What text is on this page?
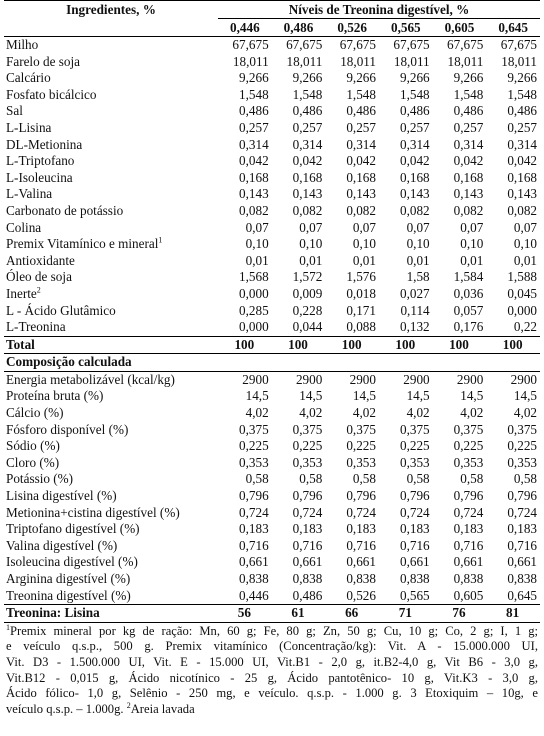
Ingredientes, %	Níveis de Treonina digestível, %					
	0,446	0,486	0,526	0,565	0,605	0,645
Milho	67,675	67,675	67,675	67,675	67,675	67,675
Farelo de soja	18,011	18,011	18,011	18,011	18,011	18,011
Calcário	9,266	9,266	9,266	9,266	9,266	9,266
Fosfato bicálcico	1,548	1,548	1,548	1,548	1,548	1,548
Sal	0,486	0,486	0,486	0,486	0,486	0,486
L-Lisina	0,257	0,257	0,257	0,257	0,257	0,257
DL-Metionina	0,314	0,314	0,314	0,314	0,314	0,314
L-Triptofano	0,042	0,042	0,042	0,042	0,042	0,042
L-Isoleucina	0,168	0,168	0,168	0,168	0,168	0,168
L-Valina	0,143	0,143	0,143	0,143	0,143	0,143
Carbonato de potássio	0,082	0,082	0,082	0,082	0,082	0,082
Colina	0,07	0,07	0,07	0,07	0,07	0,07
Premix Vitamínico e mineral$^1$	0,10	0,10	0,10	0,10	0,10	0,10
Antioxidante	0,01	0,01	0,01	0,01	0,01	0,01
Óleo de soja	1,568	1,572	1,576	1,58	1,584	1,588
Inerte$^2$	0,000	0,009	0,018	0,027	0,036	0,045
L - Ácido Glutâmico	0,285	0,228	0,171	0,114	0,057	0,000
L-Treonina	0,000	0,044	0,088	0,132	0,176	0,22
Total	100	100	100	100	100	100
Composição calculada						
Energia metabolizável (kcal/kg)	2900	2900	2900	2900	2900	2900
Proteína bruta (%)	14,5	14,5	14,5	14,5	14,5	14,5
Cálcio (%)	4,02	4,02	4,02	4,02	4,02	4,02
Fósforo disponível (%)	0,375	0,375	0,375	0,375	0,375	0,375
Sódio (%)	0,225	0,225	0,225	0,225	0,225	0,225
Cloro (%)	0,353	0,353	0,353	0,353	0,353	0,353
Potássio (%)	0,58	0,58	0,58	0,58	0,58	0,58
Lisina digestível (%)	0,796	0,796	0,796	0,796	0,796	0,796
Metionina+cistina digestível (%)	0,724	0,724	0,724	0,724	0,724	0,724
Triptofano digestível (%)	0,183	0,183	0,183	0,183	0,183	0,183
Valina digestível (%)	0,716	0,716	0,716	0,716	0,716	0,716
Isoleucina digestível (%)	0,661	0,661	0,661	0,661	0,661	0,661
Arginina digestível (%)	0,838	0,838	0,838	0,838	0,838	0,838
Treonina digestível (%)	0,446	0,486	0,526	0,565	0,605	0,645
Treonina: Lisina	56	61	66	71	76	81
$^1$Premix mineral por kg de ração: Mn, 60 g; Fe, 80 g; Zn, 50 g; Cu, 10 g; Co, 2 g; I, 1 g;
e veículo q.s.p., 500 g. Premix vitamínico (Concentração/kg): Vit. A - 15.000.000 UI,
Vit. D3 - 1.500.000 UI, Vit. E - 15.000 UI, Vit.B1 - 2,0 g, it.B2-4,0 g, Vit B6 - 3,0 g,
Vit.B12 - 0,015 g, Ácido nicotínico - 25 g, Ácido pantotênico- 10 g, Vit.K3 - 3,0 g,
Ácido fólico- 1,0 g, Selênio - 250 mg, e veículo. q.s.p. - 1.000 g. 3 Etoxiquim – 10g, e
veículo q.s.p. – 1.000g. $^2$Areia lavada
